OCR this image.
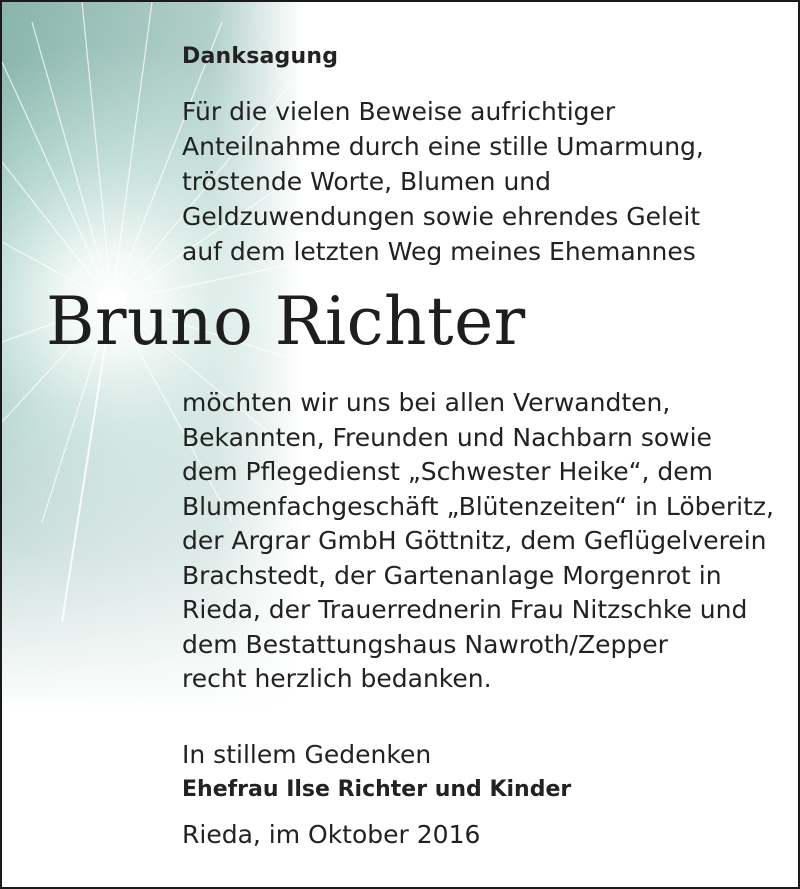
Danksagung
Für die vielen Beweise aufrichtiger
Anteilnahme durch eine stille Umarmung,
tröstende Worte, Blumen und
Geldzuwendungen sowie ehrendes Geleit
auf dem letzten Weg meines Ehemannes
Bruno Richter
möchten wir uns bei allen Verwandten,
Bekannten, Freunden und Nachbarn sowie
dem Pflegedienst „Schwester Heike“, dem
Blumenfachgeschäft „Blütenzeiten“ in Löberitz,
der Argrar GmbH Göttnitz, dem Geflügelverein
Brachstedt, der Gartenanlage Morgenrot in
Rieda, der Trauerrednerin Frau Nitzschke und
dem Bestattungshaus Nawroth/Zepper
recht herzlich bedanken.
In stillem Gedenken
Ehefrau Ilse Richter und Kinder
Rieda, im Oktober 2016
